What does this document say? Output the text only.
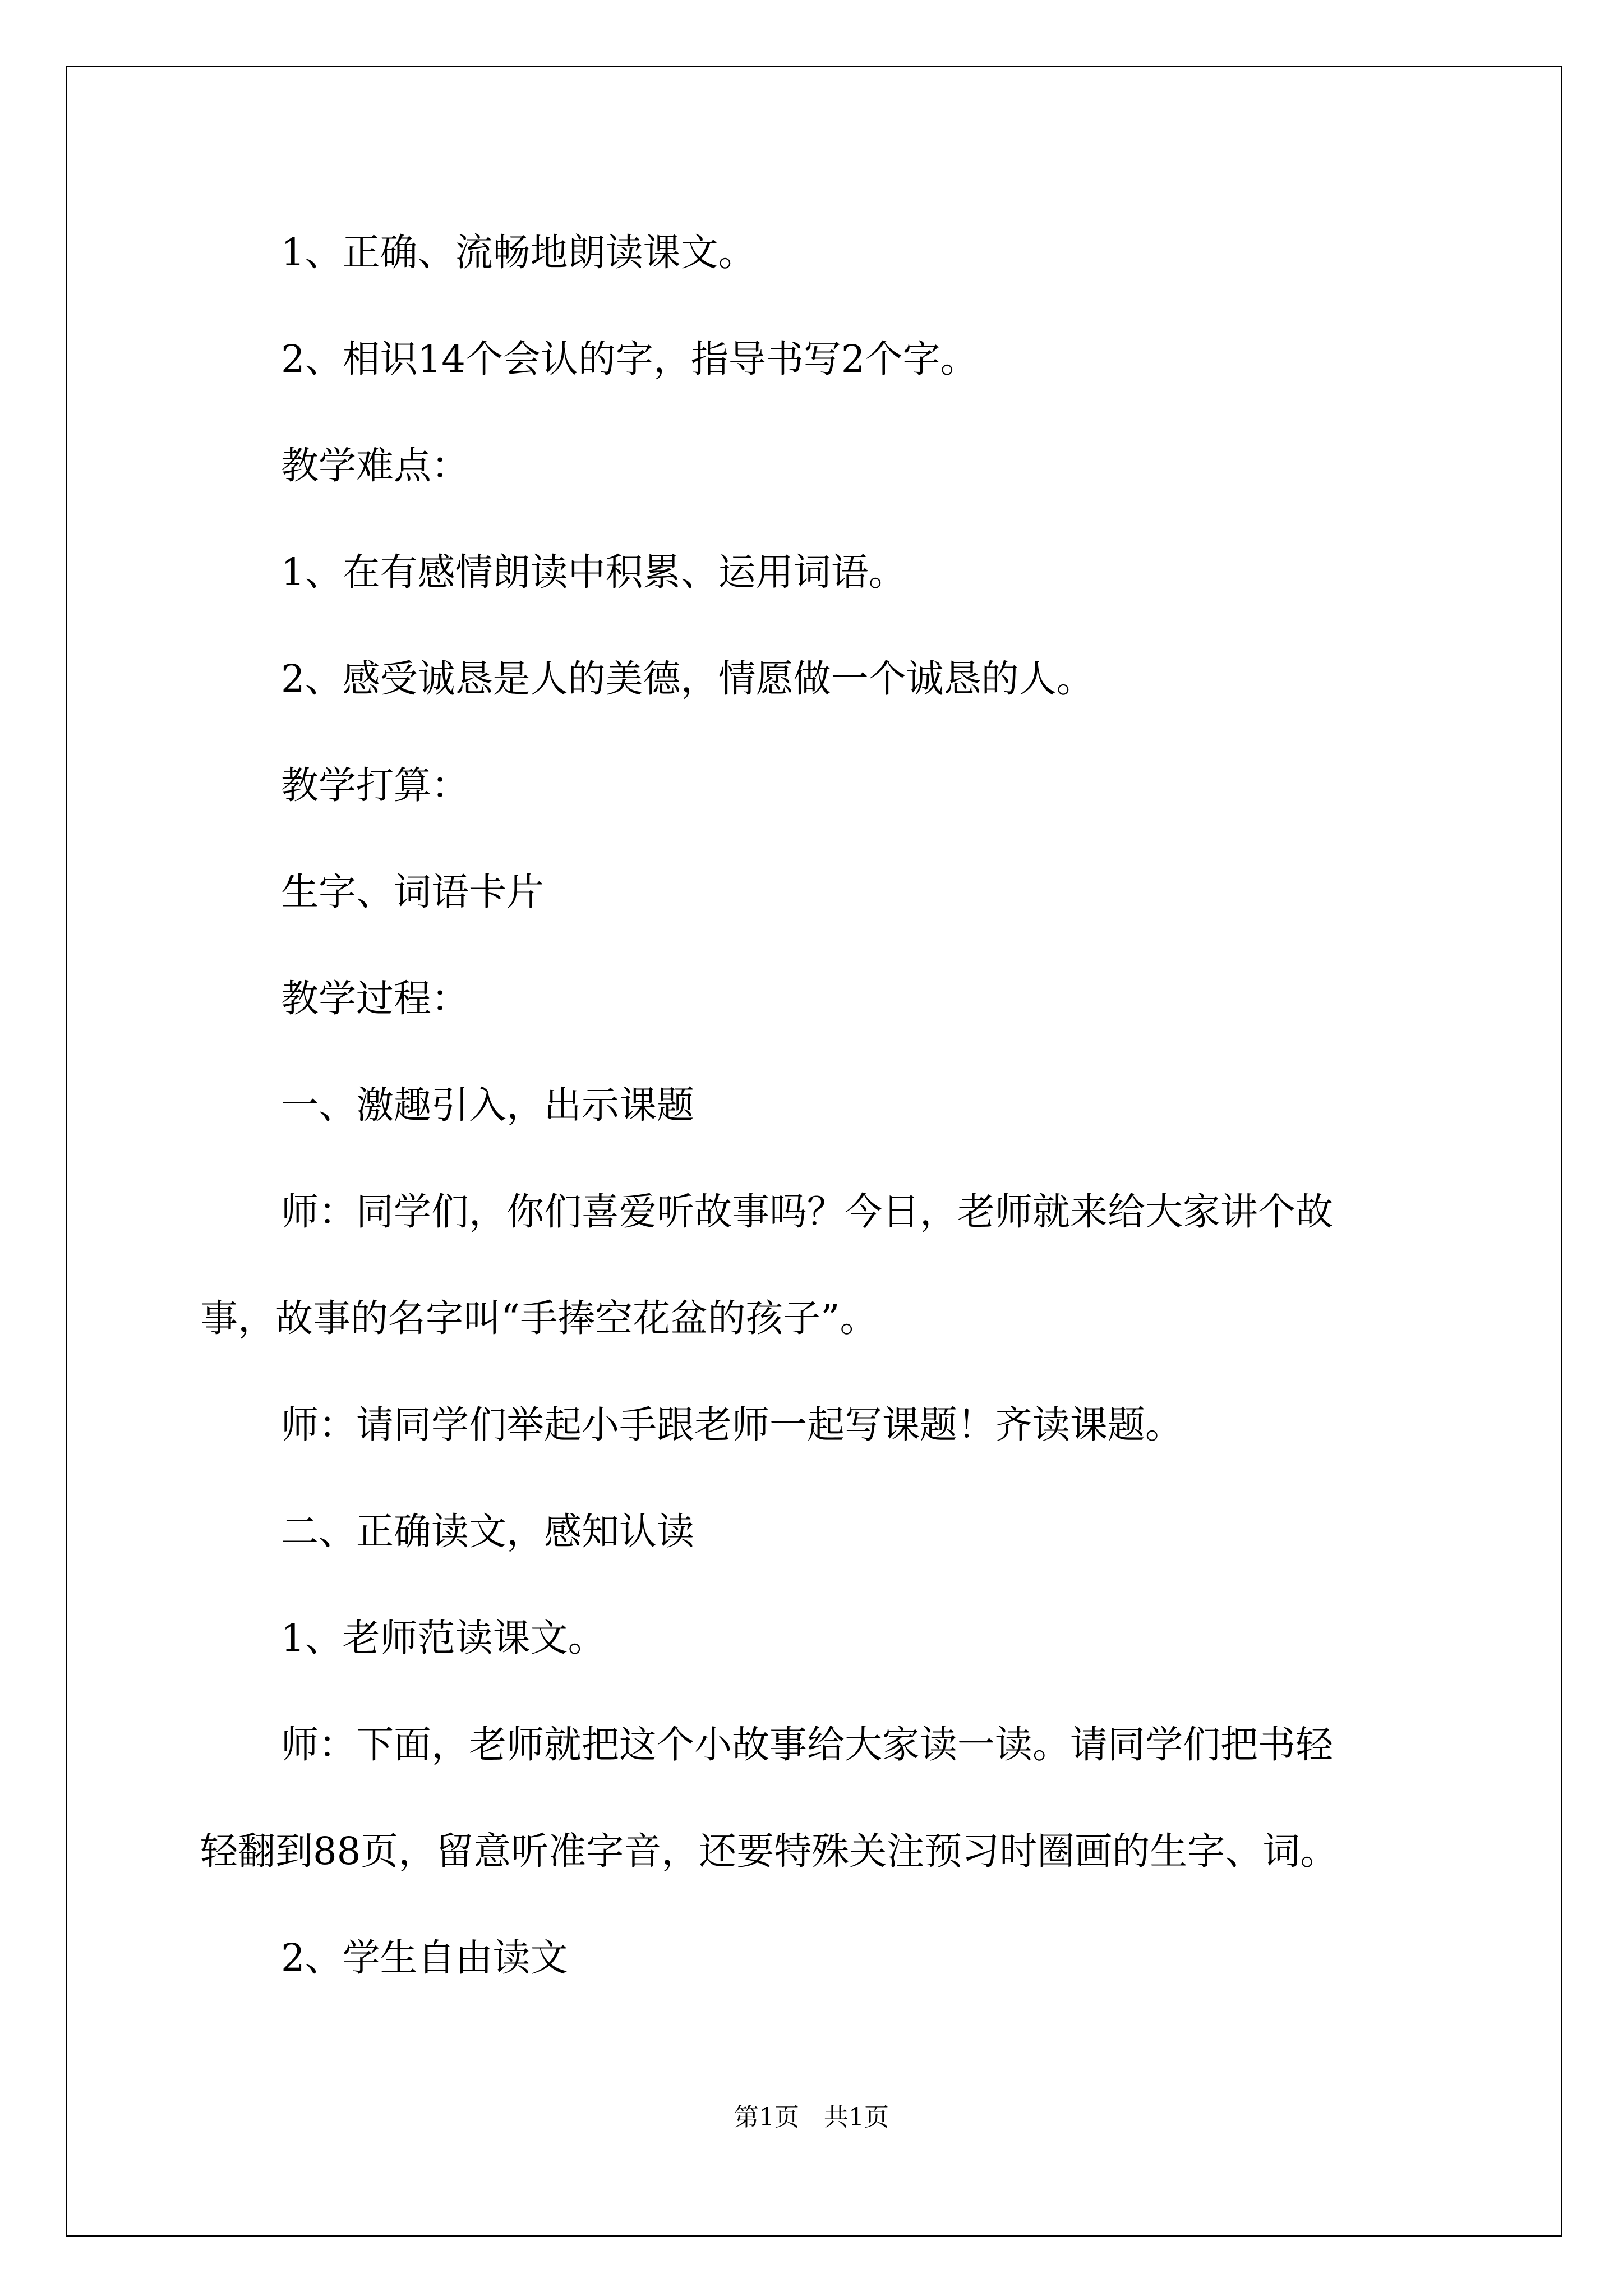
1、正确、流畅地朗读课文。

2、相识14个会认的字，指导书写2个字。

教学难点：

1、在有感情朗读中积累、运用词语。

2、感受诚恳是人的美德，情愿做一个诚恳的人。

教学打算：

生字、词语卡片

教学过程：

一、激趣引入，出示课题

师：同学们，你们喜爱听故事吗？今日，老师就来给大家讲个故

事，故事的名字叫“手捧空花盆的孩子”。

师：请同学们举起小手跟老师一起写课题！齐读课题。

二、正确读文，感知认读

1、老师范读课文。

师：下面，老师就把这个小故事给大家读一读。请同学们把书轻

轻翻到88页，留意听准字音，还要特殊关注预习时圈画的生字、词。

2、学生自由读文

第1页　共1页
